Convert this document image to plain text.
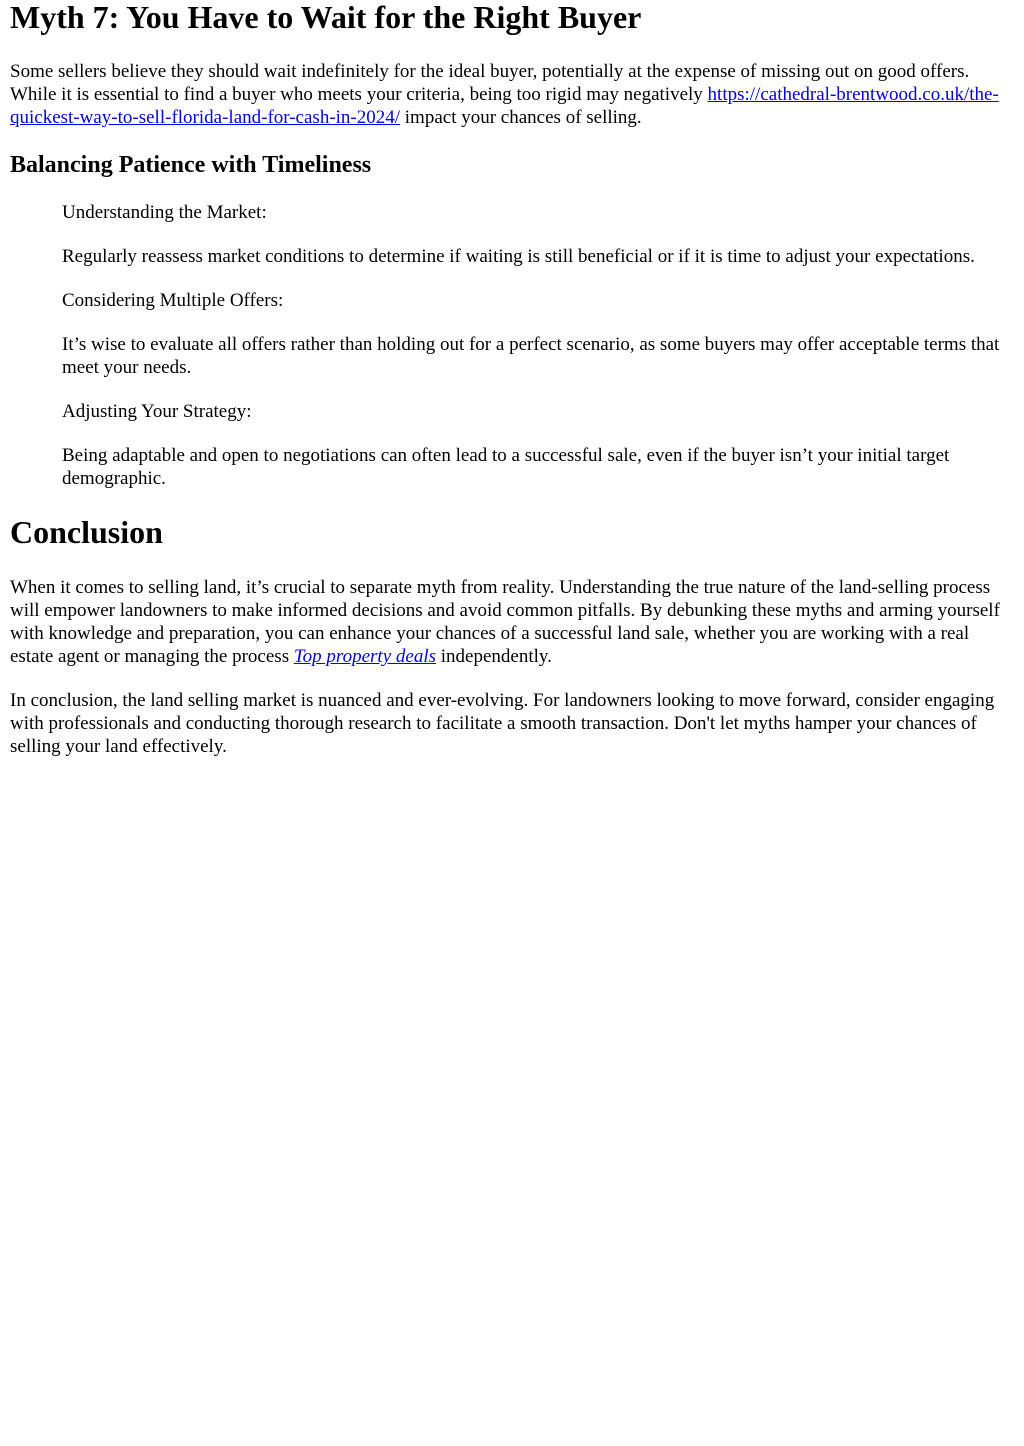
Myth 7: You Have to Wait for the Right Buyer

Some sellers believe they should wait indefinitely for the ideal buyer, potentially at the expense of missing out on good offers. While it is essential to find a buyer who meets your criteria, being too rigid may negatively https://cathedral-brentwood.co.uk/the-quickest-way-to-sell-florida-land-for-cash-in-2024/ impact your chances of selling.

Balancing Patience with Timeliness

Understanding the Market:

Regularly reassess market conditions to determine if waiting is still beneficial or if it is time to adjust your expectations.

Considering Multiple Offers:

It’s wise to evaluate all offers rather than holding out for a perfect scenario, as some buyers may offer acceptable terms that meet your needs.

Adjusting Your Strategy:

Being adaptable and open to negotiations can often lead to a successful sale, even if the buyer isn’t your initial target demographic.

Conclusion

When it comes to selling land, it’s crucial to separate myth from reality. Understanding the true nature of the land-selling process will empower landowners to make informed decisions and avoid common pitfalls. By debunking these myths and arming yourself with knowledge and preparation, you can enhance your chances of a successful land sale, whether you are working with a real estate agent or managing the process Top property deals independently.

In conclusion, the land selling market is nuanced and ever-evolving. For landowners looking to move forward, consider engaging with professionals and conducting thorough research to facilitate a smooth transaction. Don't let myths hamper your chances of selling your land effectively.
